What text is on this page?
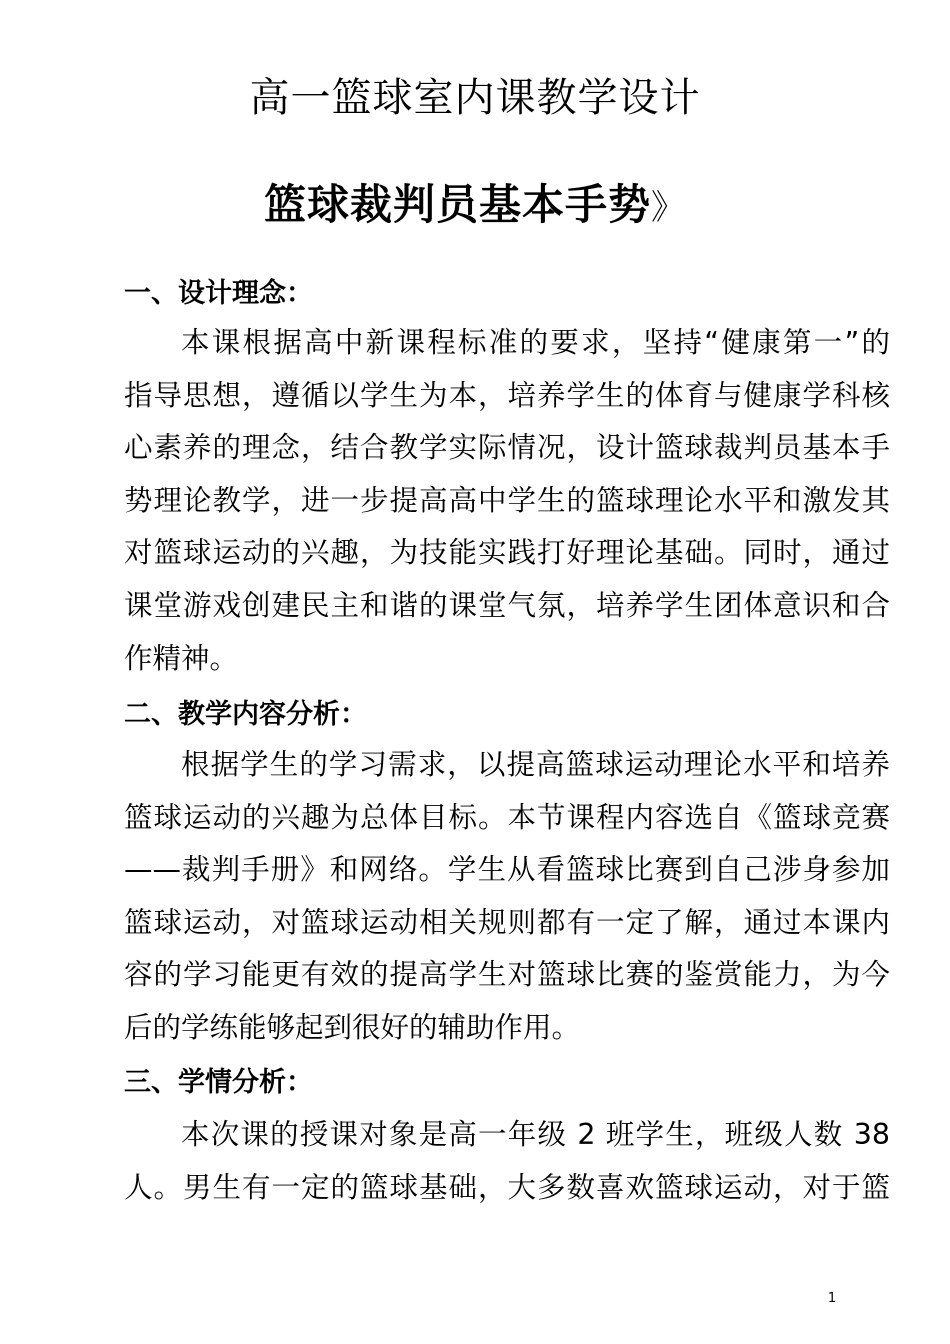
高一篮球室内课教学设计
篮球裁判员基本手势》
一、设计理念：
本课根据高中新课程标准的要求，坚持“健康第一”的
指导思想，遵循以学生为本，培养学生的体育与健康学科核
心素养的理念，结合教学实际情况，设计篮球裁判员基本手
势理论教学，进一步提高高中学生的篮球理论水平和激发其
对篮球运动的兴趣，为技能实践打好理论基础。同时，通过
课堂游戏创建民主和谐的课堂气氛，培养学生团体意识和合
作精神。
二、教学内容分析：
根据学生的学习需求，以提高篮球运动理论水平和培养
篮球运动的兴趣为总体目标。本节课程内容选自《篮球竞赛
——裁判手册》和网络。学生从看篮球比赛到自己涉身参加
篮球运动，对篮球运动相关规则都有一定了解，通过本课内
容的学习能更有效的提高学生对篮球比赛的鉴赏能力，为今
后的学练能够起到很好的辅助作用。
三、学情分析：
本次课的授课对象是高一年级 2 班学生，班级人数 38
人。男生有一定的篮球基础，大多数喜欢篮球运动，对于篮
1
